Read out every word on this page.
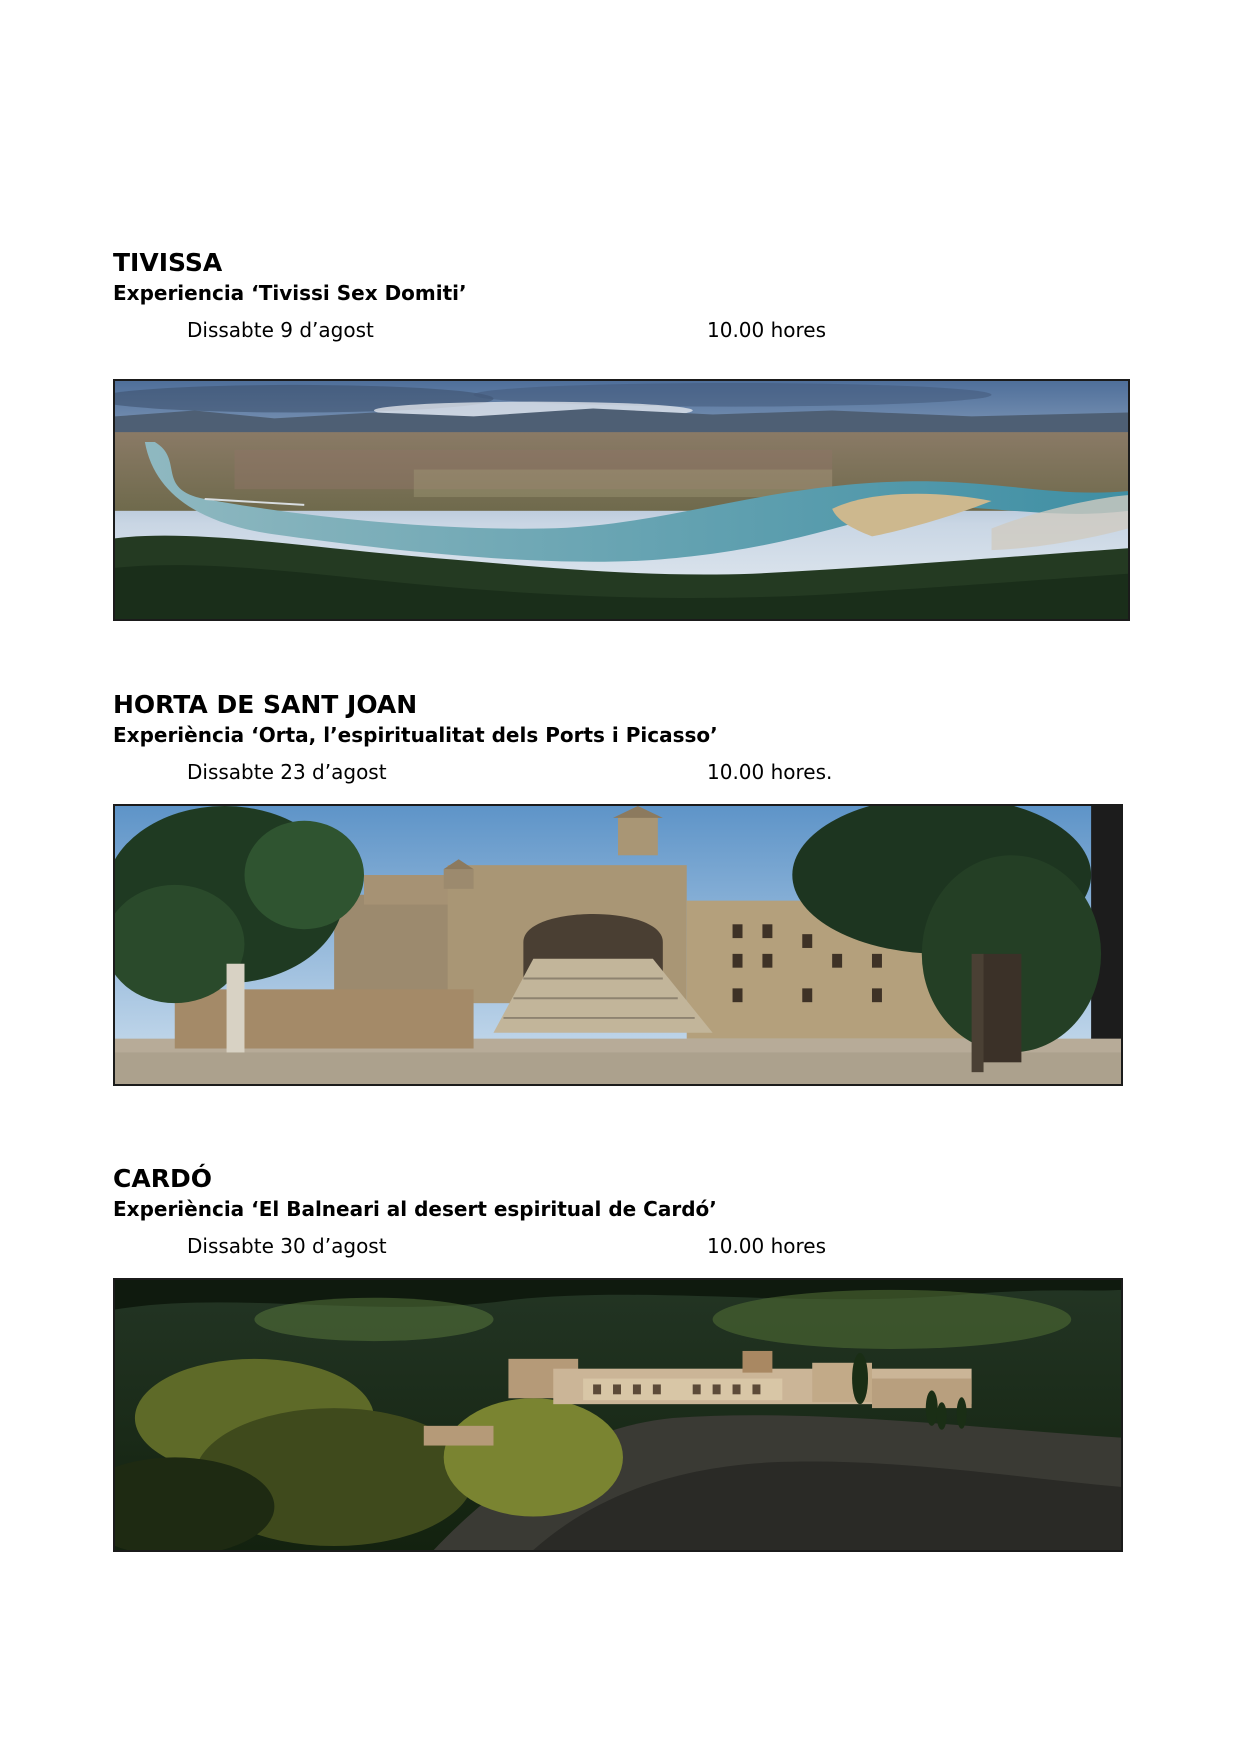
TIVISSA
Experiencia ‘Tivissi Sex Domiti’
Dissabte 9 d’agost	10.00 hores
HORTA DE SANT JOAN
Experiència ‘Orta, l’espiritualitat dels Ports i Picasso’
Dissabte 23 d’agost	10.00 hores.
CARDÓ
Experiència ‘El Balneari al desert espiritual de Cardó’
Dissabte 30 d’agost	10.00 hores
